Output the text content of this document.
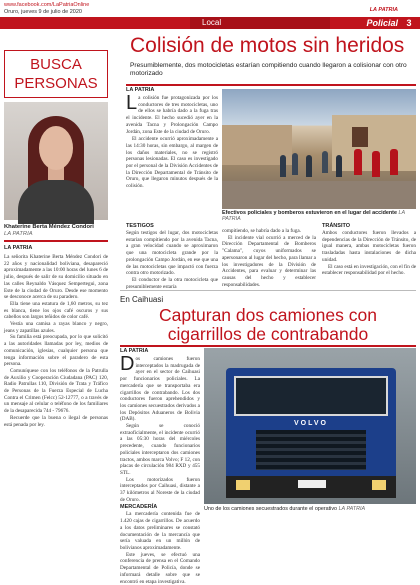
www.facebook.com/LaPatriaOnline
Oruro, jueves 9 de julio de 2020
Local
LA PATRIA
Policial 3
BUSCA
PERSONAS
Khaterine Berta Méndez Condori
LA PATRIA
LA PATRIA

La señorita Khaterine Berta Méndez Condori de 22 años y nacionalidad boliviana, desapareció aproximadamente a las 10:00 horas del lunes 6 de julio, después de salir de su domicilio situado en las calles Reynaldo Vásquez Sempertegui, zona Este de la ciudad de Oruro. Desde ese momento se desconoce acerca de su paradero.

Ella tiene una estatura de 1,60 metros, su tez es blanca, tiene los ojos café oscuros y sus cabellos son largos teñidos de color café.

Vestía una camisa a rayas blanco y negro, jeans y zapatillas azules.

Su familia está preocupada, por lo que solicitó a las autoridades llamadas por ley, medios de comunicación, iglesias, cualquier persona que tenga información sobre el paradero de esta persona.

Comuníquese con los teléfonos de la Patrulla de Auxilio y Cooperación Ciudadana (PAC) 120, Radio Patrullas 110, División de Trata y Tráfico de Personas de la Fuerza Especial de Lucha Contra el Crimen (Felcc) 52-12777, o a través de un mensaje al celular o teléfono de los familiares de la desaparecida 744 - 79676.

Recuerde que la buena o ilegal de personas está penada por ley.

Colisión de motos sin heridos
Presumiblemente, dos motocicletas estarían compitiendo cuando llegaron a colisionar con otro motorizado
LA PATRIA

La colisión fue protagonizada por los conductores de tres motocicletas, uno de ellos se habría dado a la fuga tras el incidente. El hecho sucedió ayer en la avenida Tacna y Prolongación Campo Jordán, zona Este de la ciudad de Oruro.

El accidente ocurrió aproximadamente a las 14:30 horas, sin embargo, al margen de los daños materiales, no se registró personas lesionadas. El caso es investigado por el personal de la División Accidentes de la Dirección Departamental de Tránsito de Oruro, que llegaron minutos después de la colisión.

Efectivos policiales y bomberos estuvieron en el lugar del accidente LA PATRIA
TESTIGOS

Según testigos del lugar, dos motocicletas estarían compitiendo por la avenida Tacna, a gran velocidad cuando se aproximaron que una motocicleta grande por la prolongación Campo Jordán, en ese que una de las motocicletas que impactó con fuerza contra otro motorizado.

El conductor de la otra motocicleta que presumiblemente estaría

compitiendo, se habría dado a la fuga.

El incidente vial ocurrió a merced de la Dirección Departamental de Bomberos "Calama", cuyos uniformados se apersonaron al lugar del hecho, para llamar a los investigadores de la División de Accidentes, para evaluar y determinar las causas del hecho y establecer responsabilidades.

TRÁNSITO

Ambos conductores fueron llevados a dependencias de la Dirección de Tránsito, de igual manera, ambas motocicletas fueron trasladadas hasta instalaciones de dicha unidad.

El caso está en investigación, con el fin de establecer responsabilidad por el hecho.

En Caihuasi
Capturan dos camiones con
cigarrillos de contrabando
LA PATRIA

Dos camiones fueron interceptados la madrugada de ayer en el sector de Caihuasi por funcionarios policiales. La mercadería que se transportaba era cigarrillos de contrabando. Los dos conductores fueron aprehendidos y los camiones secuestrados derivados a los Depósitos Aduaneros de Bolivia (DAB).

Según se conoció extraoficialmente, el incidente ocurrió a las 05:30 horas del miércoles precedente, cuando funcionarios policiales interceptaron dos camiones tractos, ambos marca Volvo; F 12, con placas de circulación 984 RXD y 455 STL.

Los motorizados fueron interceptados por Caihuasi, distante a 37 kilómetros al Noreste de la ciudad de Oruro.

MERCADERÍA

La mercadería contenida fue de 1.420 cajas de cigarrillos. De acuerdo a los datos preliminares se constató documentación de la mercancía que sería valuada en un millón de bolivianos aproximadamente.

Este jueves, se efectuó una conferencia de prensa en el Comando Departamental de Policía, donde se informará detalle sobre que se encontró en etapa investigativa.

VOLVO
Uno de los camiones secuestrados durante el operativo LA PATRIA
